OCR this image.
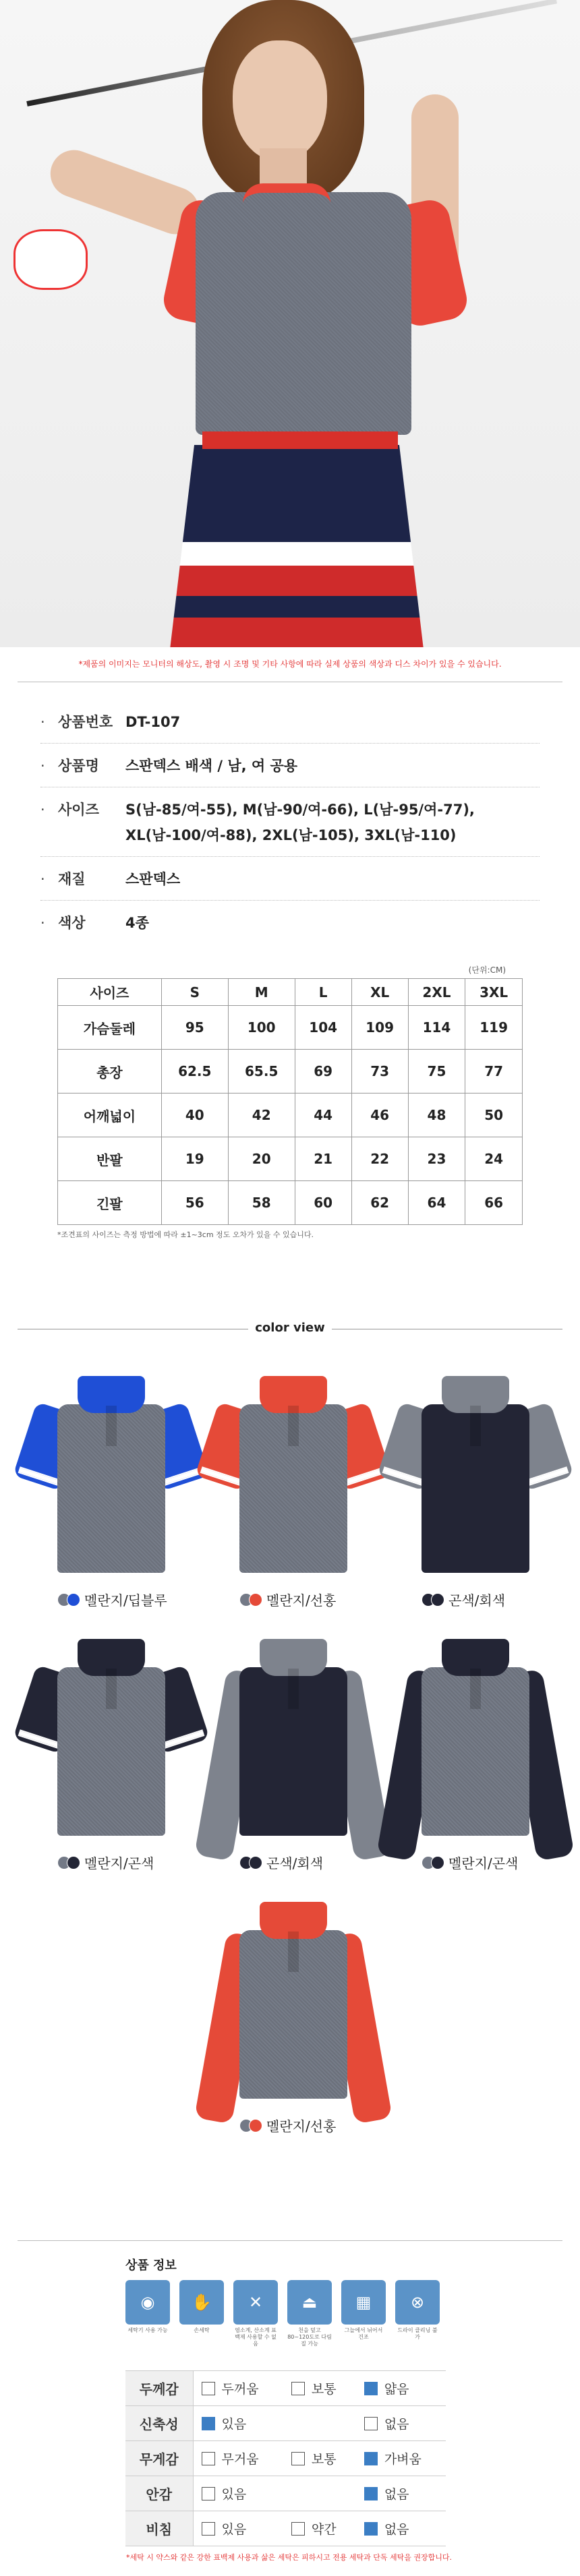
*제품의 이미지는 모니터의 해상도, 촬영 시 조명 및 기타 사항에 따라 실제 상품의 색상과 디스 차이가 있을 수 있습니다.
· 상품번호 DT-107
· 상품명	스판덱스 배색 / 남, 여 공용
· 사이즈	S(남-85/여-55), M(남-90/여-66), L(남-95/여-77),
XL(남-100/여-88), 2XL(남-105), 3XL(남-110)
· 재질	스판덱스
· 색상	4종
(단위:CM)
사이즈	S	M	L	XL	2XL	3XL
가슴둘레	95	100	104	109	114	119
총장	62.5	65.5	69	73	75	77
어깨넓이	40	42	44	46	48	50
반팔	19	20	21	22	23	24
긴팔	56	58	60	62	64	66
*조견표의 사이즈는 측정 방법에 따라 ±1~3cm 정도 오차가 있을 수 있습니다.
color view
멜란지/딥블루	멜란지/선홍	곤색/회색
멜란지/곤색	곤색/회색	멜란지/곤색
멜란지/선홍
상품 정보
◉
세탁기 사용 가능
✋
손세탁
✕
염소계, 산소계 표백제 사용할 수 없음
⏏
천을 덮고 80~120도로 다림질 가능
▦
그늘에서 뉘어서 건조
⊗
드라이 클리닝 불가
두께감	두꺼움	보통	얇음
신축성	있음		없음
무게감	무거움	보통	가벼움
안감	있음		없음
비침	있음	약간	없음
*세탁 시 약스와 같은 강한 표백제 사용과 삶은 세탁은 피하시고 전용 세탁과 단독 세탁을 권장합니다.
